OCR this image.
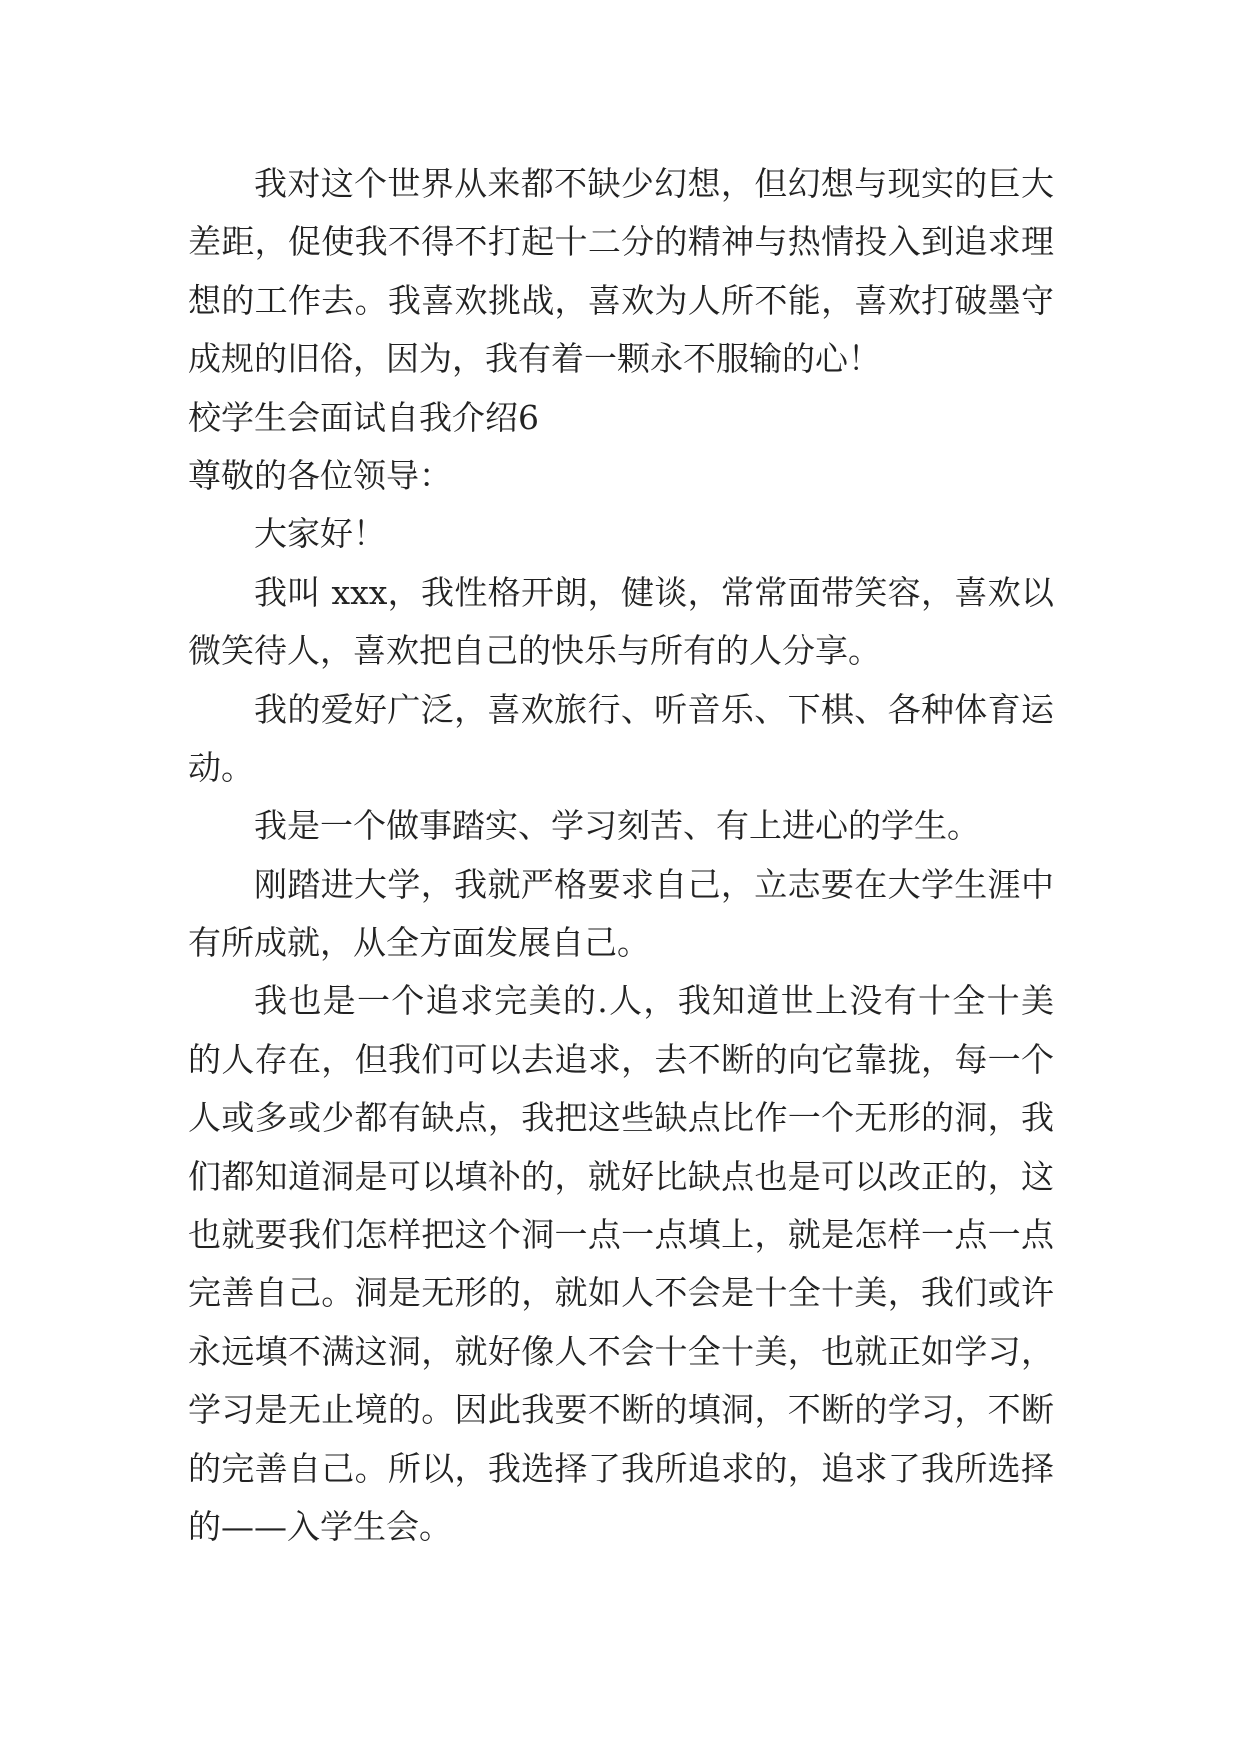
我对这个世界从来都不缺少幻想，但幻想与现实的巨大
差距，促使我不得不打起十二分的精神与热情投入到追求理
想的工作去。我喜欢挑战，喜欢为人所不能，喜欢打破墨守
成规的旧俗，因为，我有着一颗永不服输的心！
校学生会面试自我介绍6
尊敬的各位领导：
大家好！
我叫 xxx，我性格开朗，健谈，常常面带笑容，喜欢以
微笑待人，喜欢把自己的快乐与所有的人分享。
我的爱好广泛，喜欢旅行、听音乐、下棋、各种体育运
动。
我是一个做事踏实、学习刻苦、有上进心的学生。
刚踏进大学，我就严格要求自己，立志要在大学生涯中
有所成就，从全方面发展自己。
我也是一个追求完美的.人，我知道世上没有十全十美
的人存在，但我们可以去追求，去不断的向它靠拢，每一个
人或多或少都有缺点，我把这些缺点比作一个无形的洞，我
们都知道洞是可以填补的，就好比缺点也是可以改正的，这
也就要我们怎样把这个洞一点一点填上，就是怎样一点一点
完善自己。洞是无形的，就如人不会是十全十美，我们或许
永远填不满这洞，就好像人不会十全十美，也就正如学习，
学习是无止境的。因此我要不断的填洞，不断的学习，不断
的完善自己。所以，我选择了我所追求的，追求了我所选择
的——入学生会。
